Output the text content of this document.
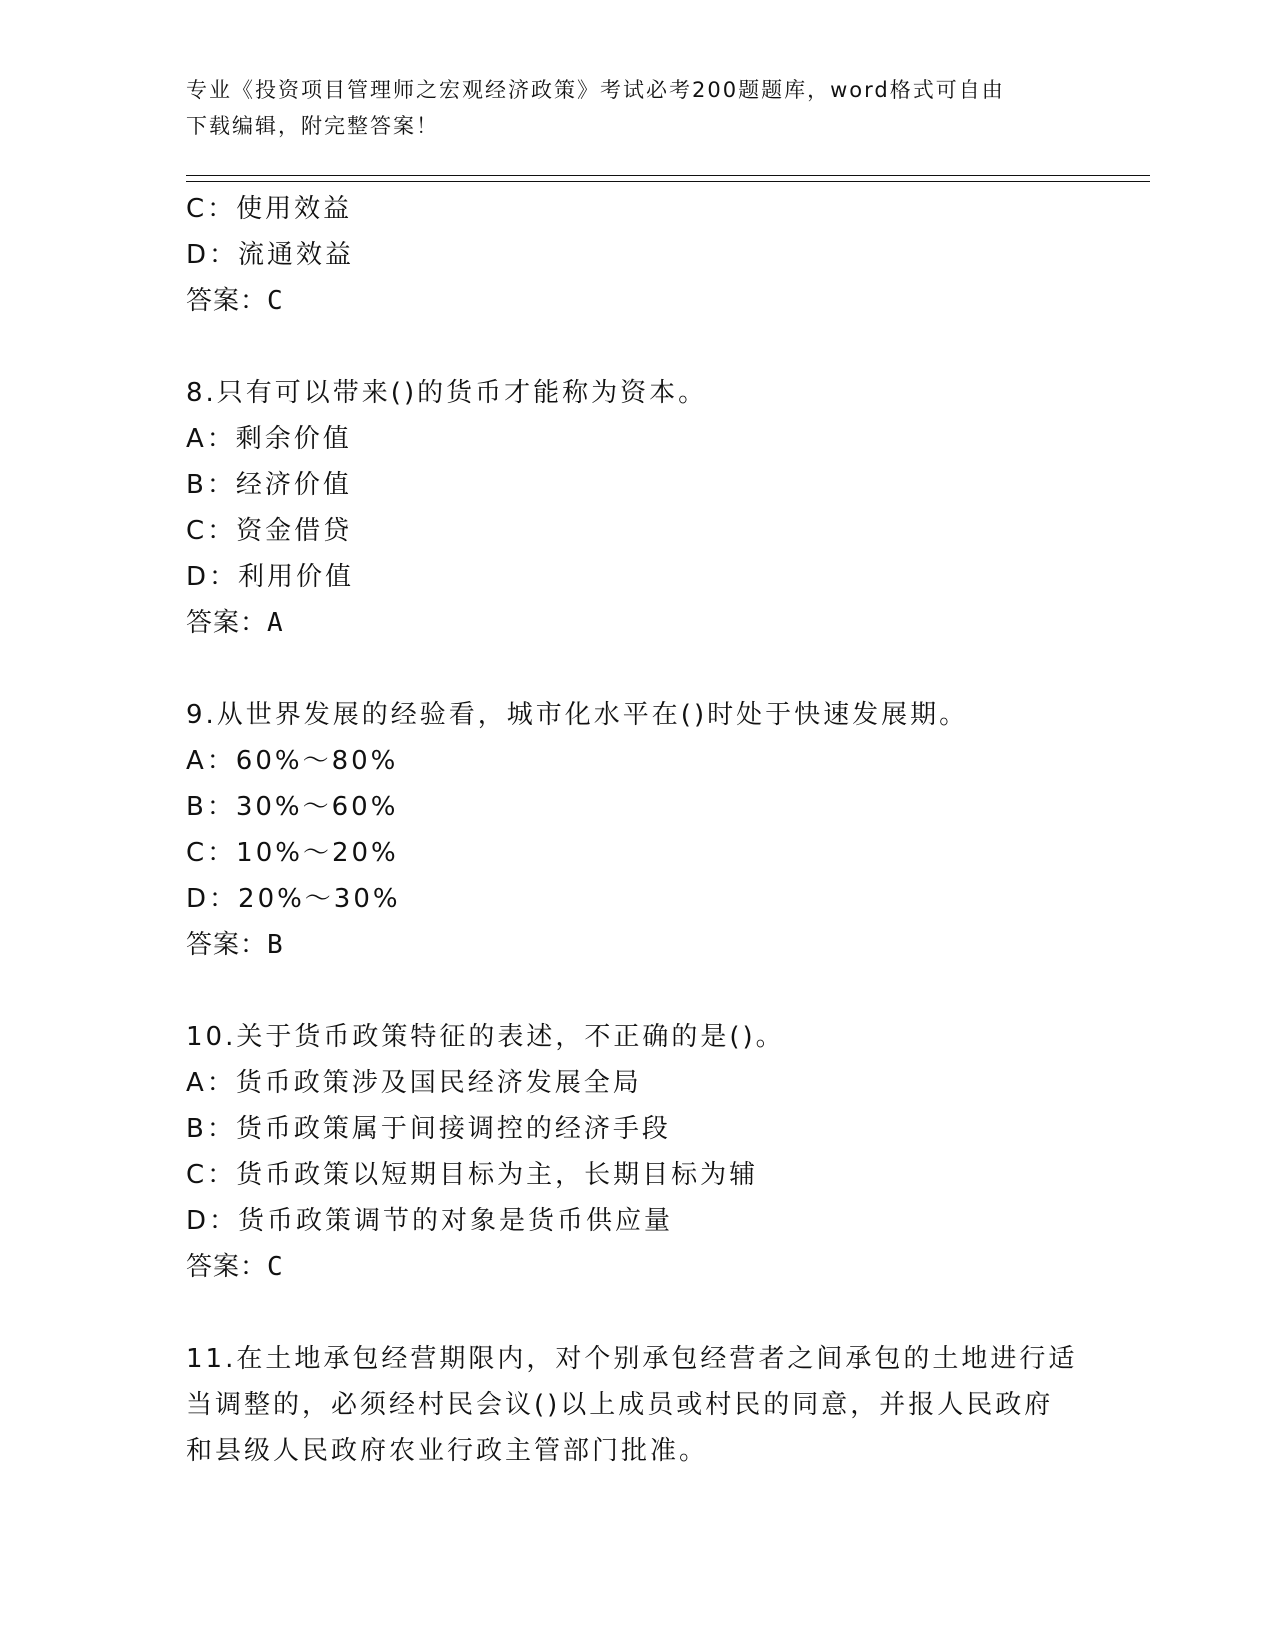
专业《投资项目管理师之宏观经济政策》考试必考200题题库，word格式可自由
下载编辑，附完整答案！
C：使用效益
D：流通效益
答案：C
8.只有可以带来()的货币才能称为资本。
A：剩余价值
B：经济价值
C：资金借贷
D：利用价值
答案：A
9.从世界发展的经验看，城市化水平在()时处于快速发展期。
A：60%～80%
B：30%～60%
C：10%～20%
D：20%～30%
答案：B
10.关于货币政策特征的表述，不正确的是()。
A：货币政策涉及国民经济发展全局
B：货币政策属于间接调控的经济手段
C：货币政策以短期目标为主，长期目标为辅
D：货币政策调节的对象是货币供应量
答案：C
11.在土地承包经营期限内，对个别承包经营者之间承包的土地进行适
当调整的，必须经村民会议()以上成员或村民的同意，并报人民政府
和县级人民政府农业行政主管部门批准。
